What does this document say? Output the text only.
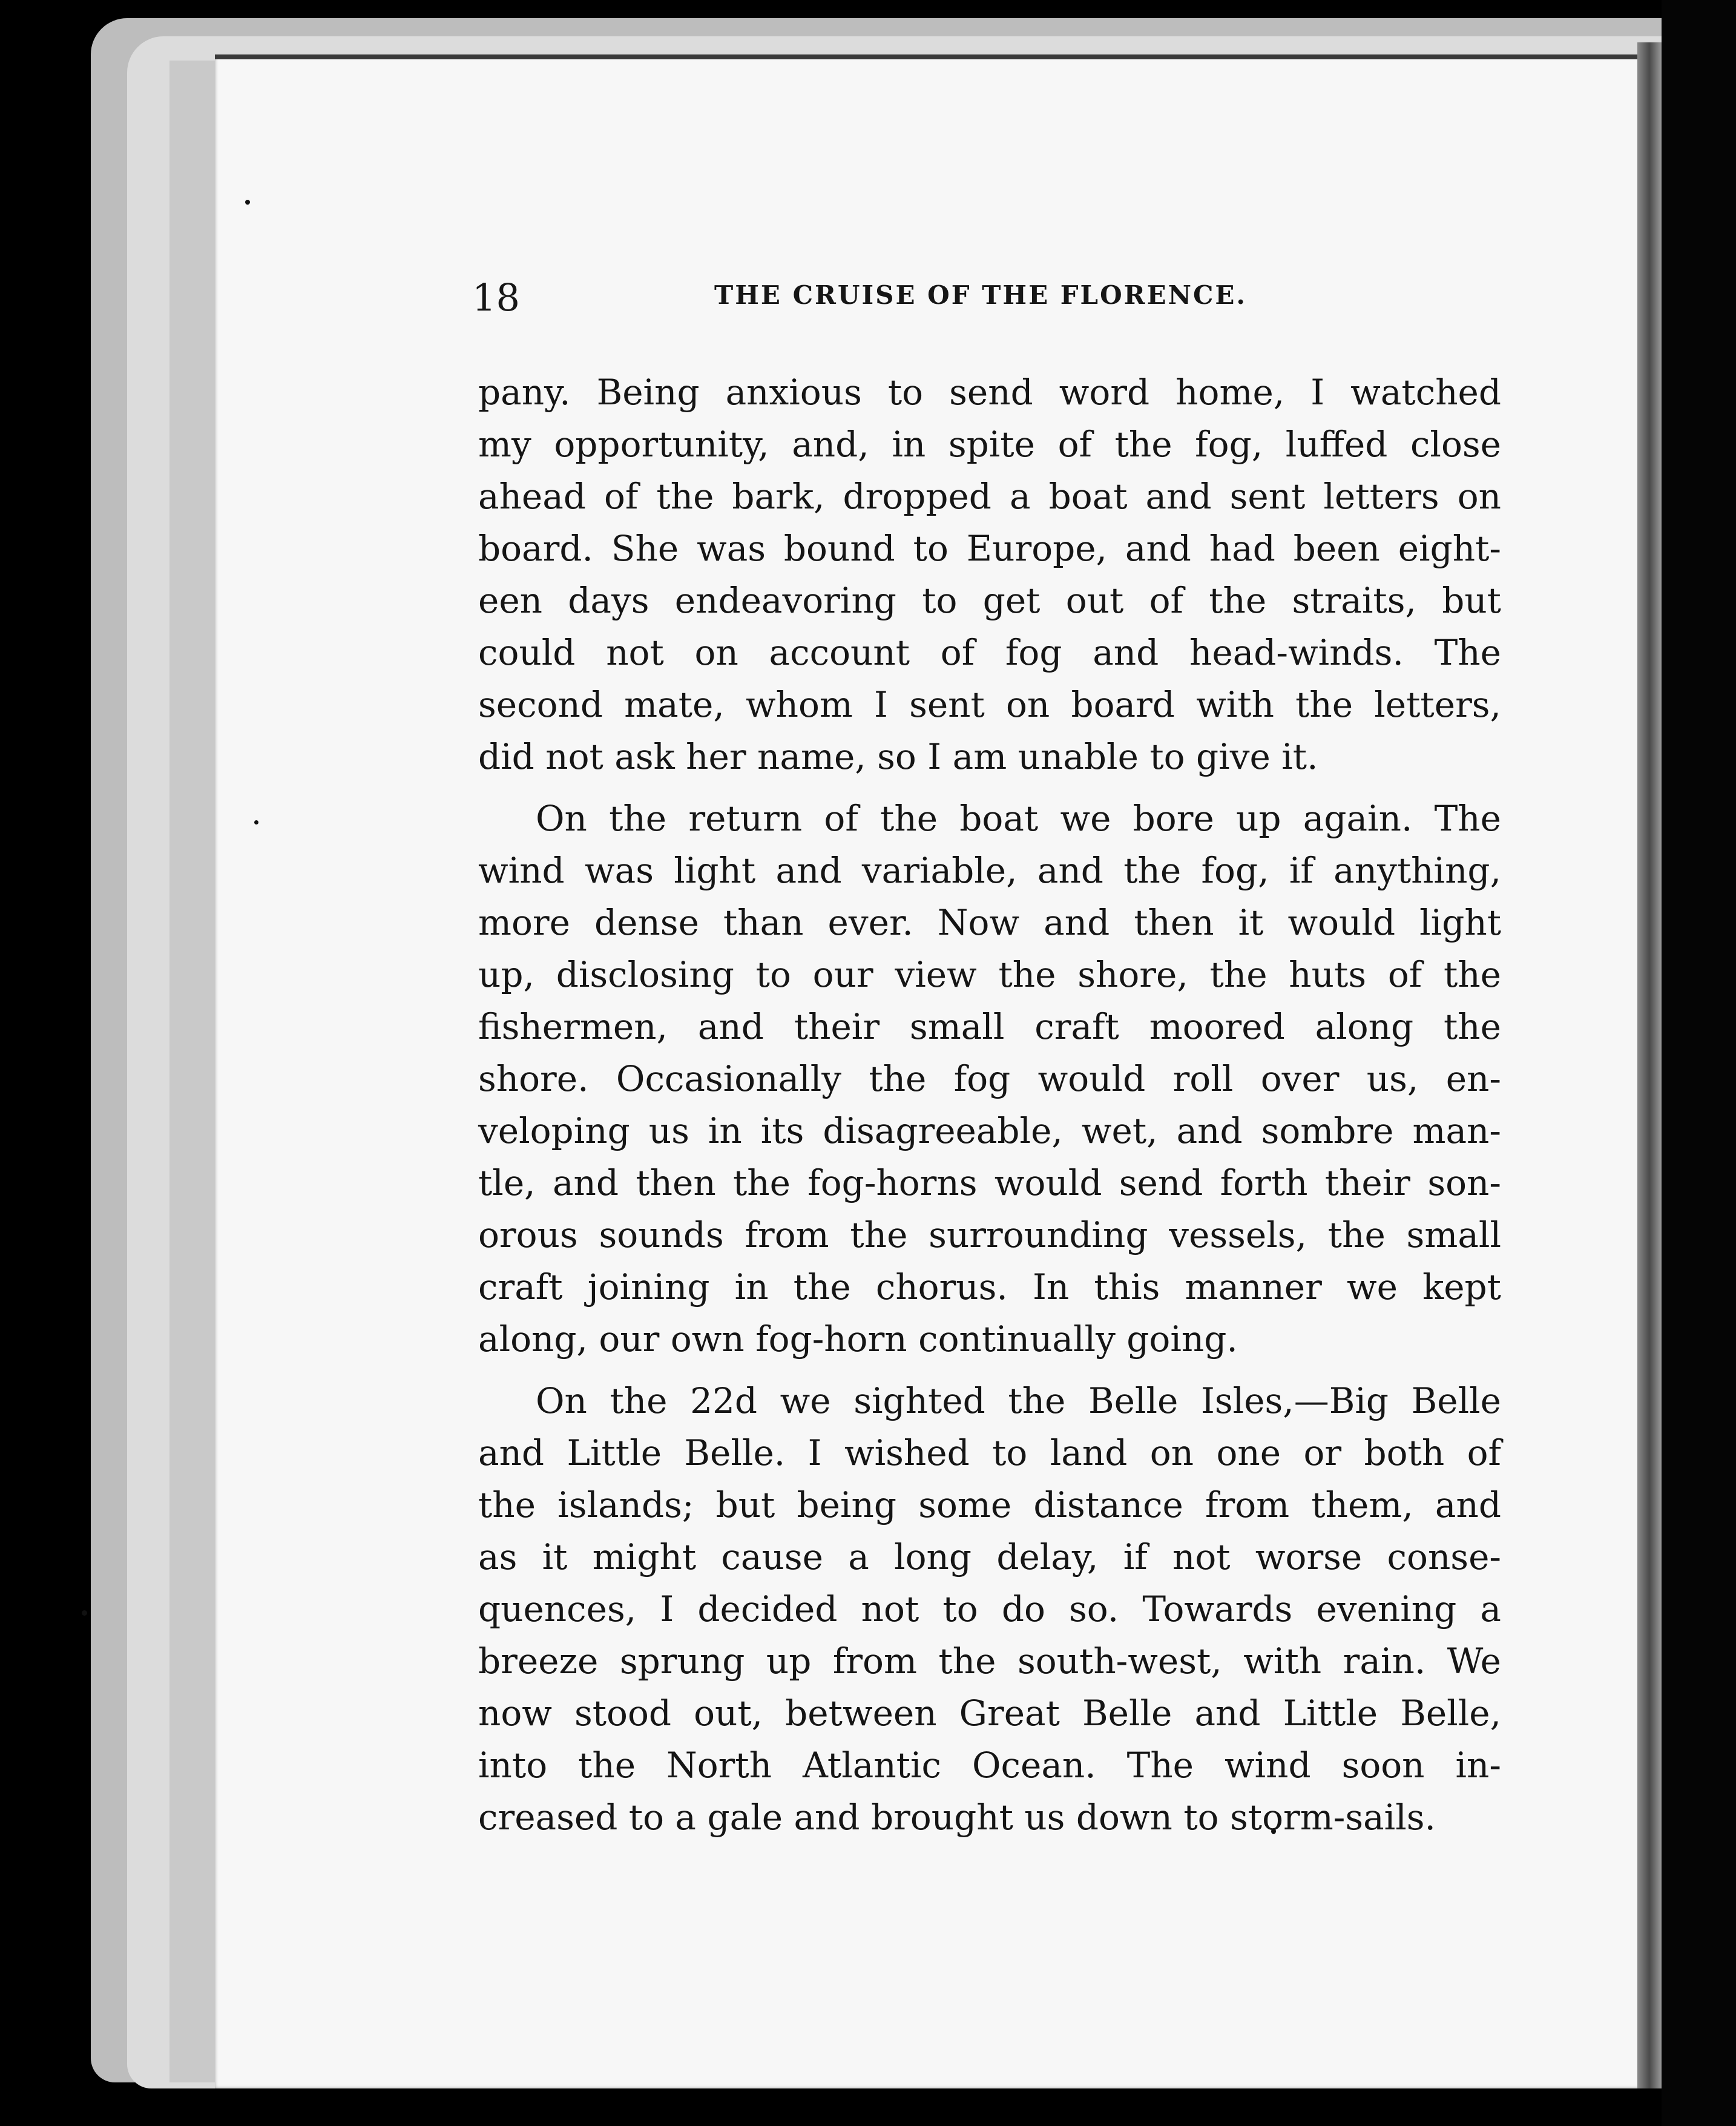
18	THE CRUISE OF THE FLORENCE.
pany. Being anxious to send word home, I watched
my opportunity, and, in spite of the fog, luffed close
ahead of the bark, dropped a boat and sent letters on
board. She was bound to Europe, and had been eight-
een days endeavoring to get out of the straits, but
could not on account of fog and head-winds. The
second mate, whom I sent on board with the letters,
did not ask her name, so I am unable to give it.
On the return of the boat we bore up again. The
wind was light and variable, and the fog, if anything,
more dense than ever. Now and then it would light
up, disclosing to our view the shore, the huts of the
fishermen, and their small craft moored along the
shore. Occasionally the fog would roll over us, en-
veloping us in its disagreeable, wet, and sombre man-
tle, and then the fog-horns would send forth their son-
orous sounds from the surrounding vessels, the small
craft joining in the chorus. In this manner we kept
along, our own fog-horn continually going.
On the 22d we sighted the Belle Isles,—Big Belle
and Little Belle. I wished to land on one or both of
the islands; but being some distance from them, and
as it might cause a long delay, if not worse conse-
quences, I decided not to do so. Towards evening a
breeze sprung up from the south-west, with rain. We
now stood out, between Great Belle and Little Belle,
into the North Atlantic Ocean. The wind soon in-
creased to a gale and brought us down to storm-sails.
